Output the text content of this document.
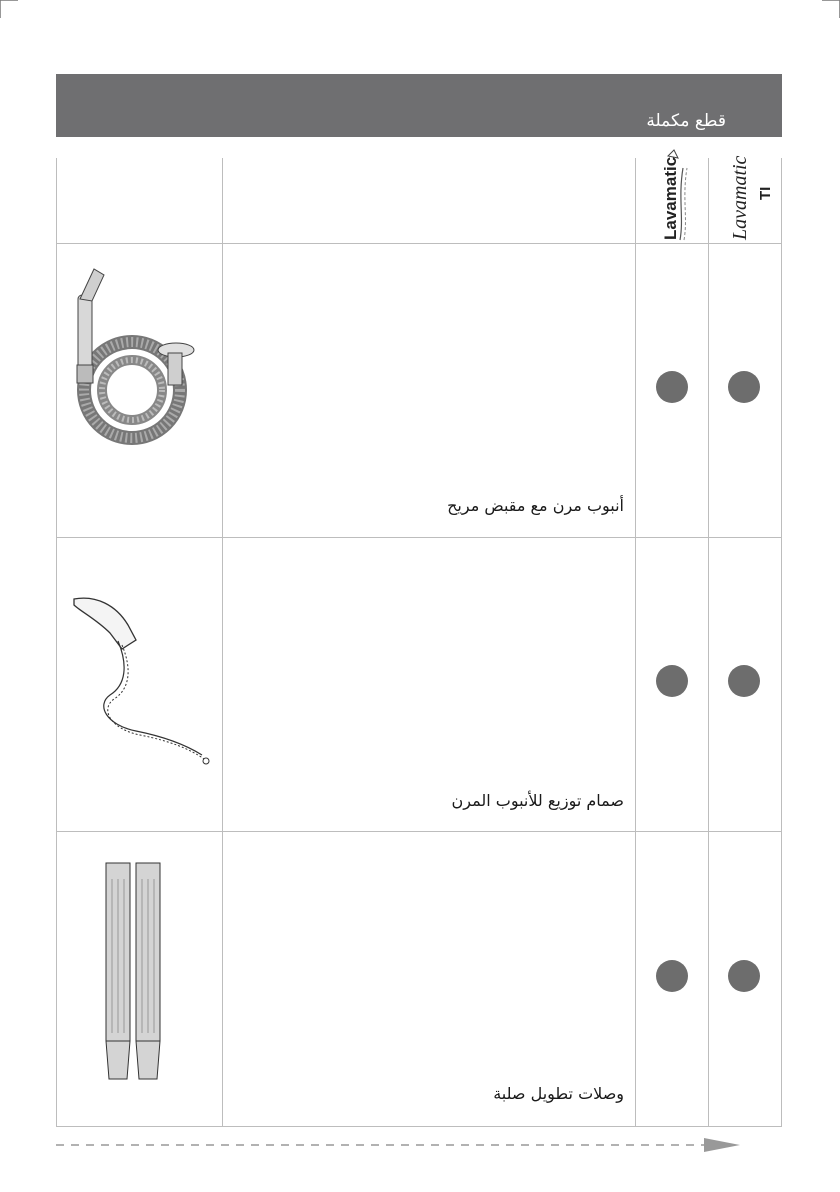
قطع مكملة
Lavamatic Lavamatic TI
أنبوب مرن مع مقبض مريح
صمام توزيع للأنبوب المرن
وصلات تطويل صلبة
